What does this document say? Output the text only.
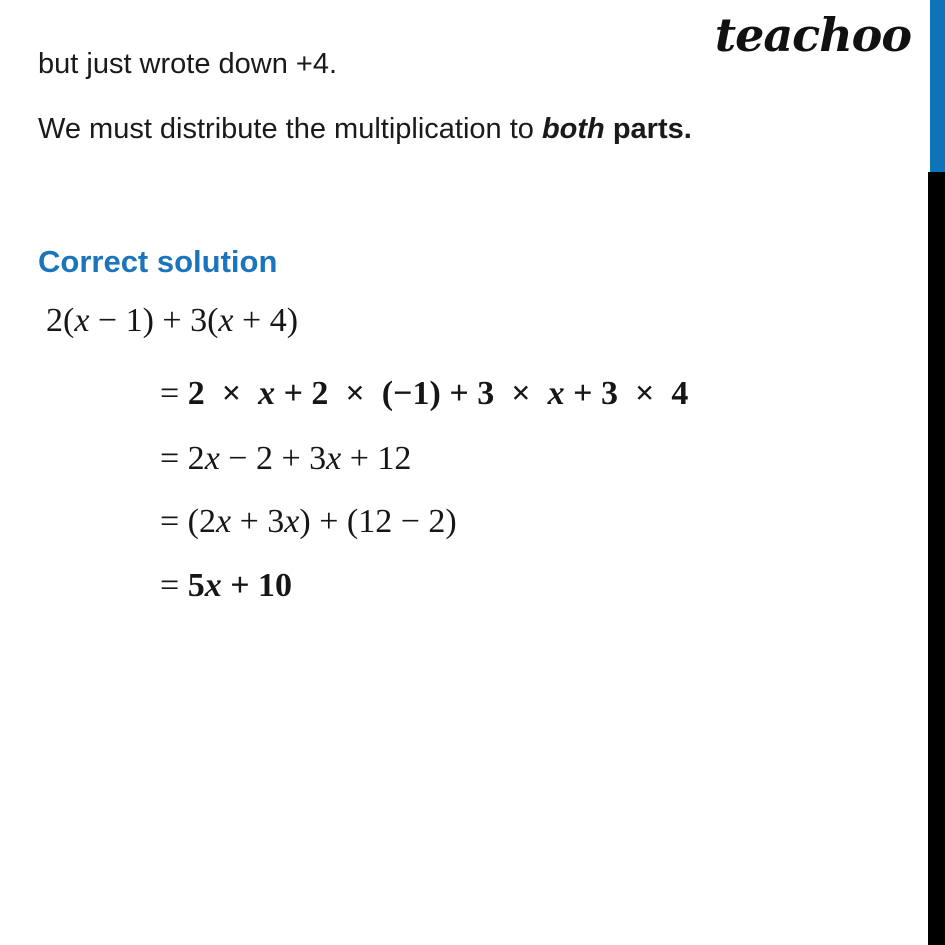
teachoo
but just wrote down +4.
We must distribute the multiplication to both parts.
Correct solution
2(x − 1) + 3(x + 4)
= 2  ×  x + 2  ×  (−1) + 3  ×  x + 3  ×  4
= 2x − 2 + 3x + 12
= (2x + 3x) + (12 − 2)
= 5x + 10
